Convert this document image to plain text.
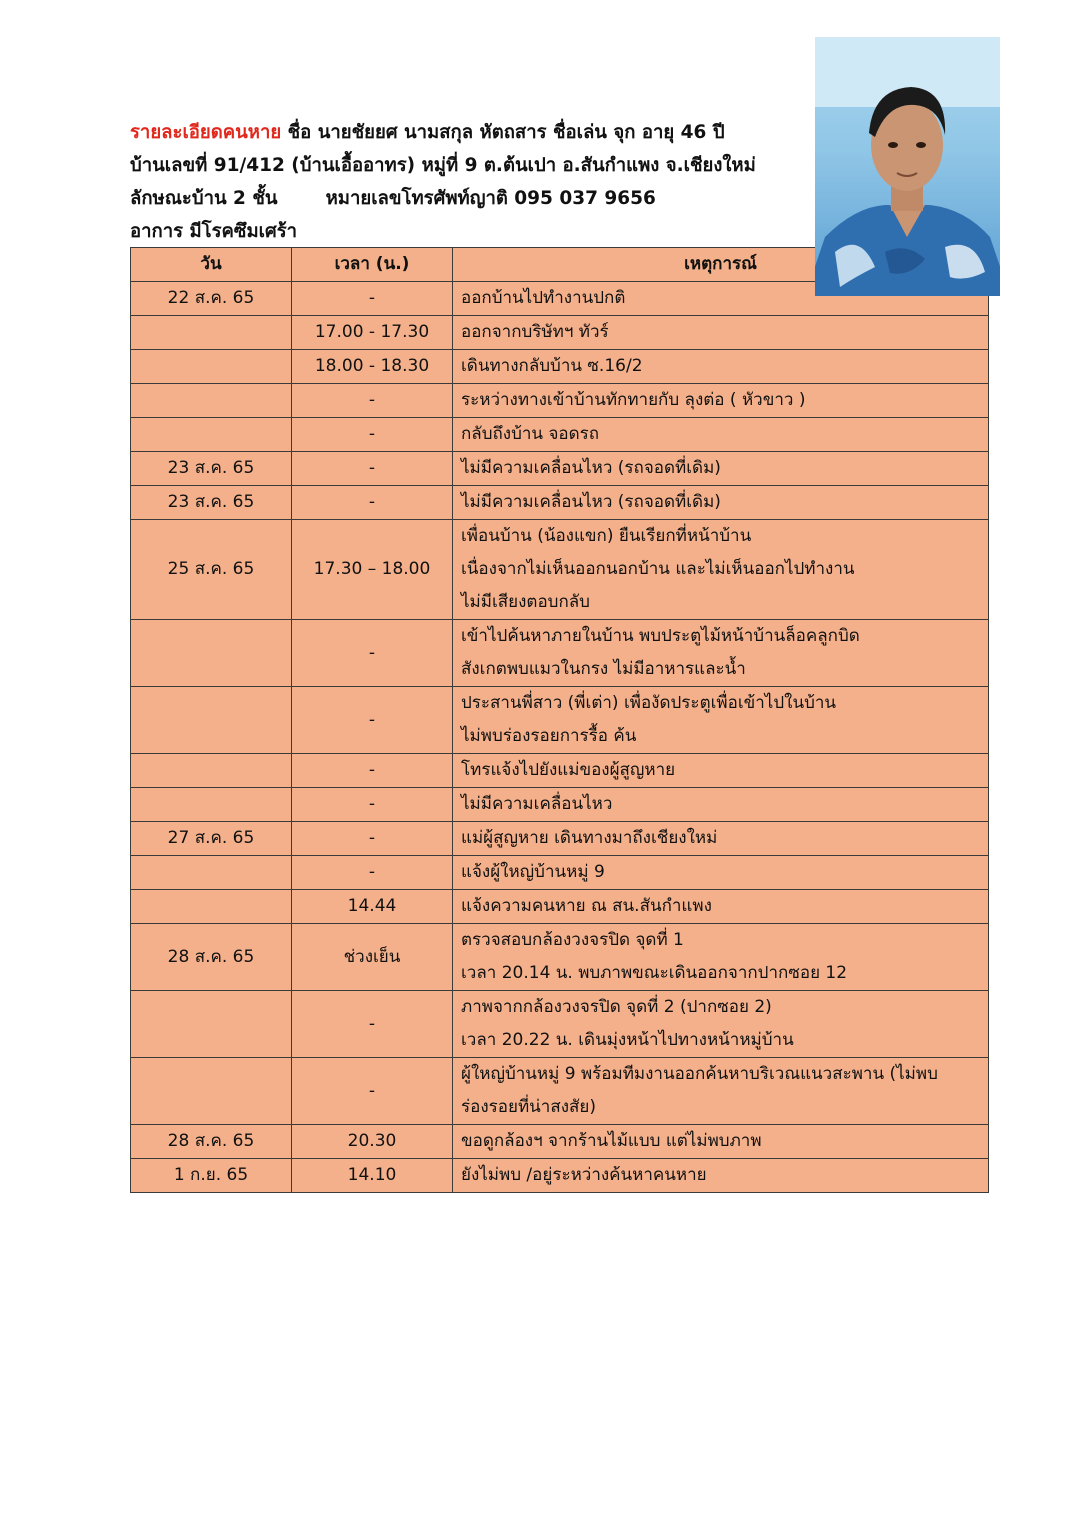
รายละเอียดคนหาย ชื่อ นายชัยยศ นามสกุล หัตถสาร ชื่อเล่น จุก อายุ 46 ปี
บ้านเลขที่ 91/412 (บ้านเอื้ออาทร) หมู่ที่ 9 ต.ต้นเปา อ.สันกำแพง จ.เชียงใหม่
ลักษณะบ้าน 2 ชั้น	หมายเลขโทรศัพท์ญาติ 095 037 9656
อาการ มีโรคซึมเศร้า
วัน	เวลา (น.)	เหตุการณ์
22 ส.ค. 65	-	ออกบ้านไปทำงานปกติ

	17.00 - 17.30	ออกจากบริษัทฯ ทัวร์

	18.00 - 18.30	เดินทางกลับบ้าน ซ.16/2

	-	ระหว่างทางเข้าบ้านทักทายกับ ลุงต่อ ( หัวขาว )

	-	กลับถึงบ้าน จอดรถ

23 ส.ค. 65	-	ไม่มีความเคลื่อนไหว (รถจอดที่เดิม)

23 ส.ค. 65	-	ไม่มีความเคลื่อนไหว (รถจอดที่เดิม)

25 ส.ค. 65	17.30 – 18.00	เพื่อนบ้าน (น้องแขก) ยืนเรียกที่หน้าบ้าน
เนื่องจากไม่เห็นออกนอกบ้าน และไม่เห็นออกไปทำงาน
ไม่มีเสียงตอบกลับ

	-	เข้าไปค้นหาภายในบ้าน พบประตูไม้หน้าบ้านล็อคลูกบิด
สังเกตพบแมวในกรง ไม่มีอาหารและน้ำ

	-	ประสานพี่สาว (พี่เต่า) เพื่องัดประตูเพื่อเข้าไปในบ้าน
ไม่พบร่องรอยการรื้อ ค้น

	-	โทรแจ้งไปยังแม่ของผู้สูญหาย

	-	ไม่มีความเคลื่อนไหว

27 ส.ค. 65	-	แม่ผู้สูญหาย เดินทางมาถึงเชียงใหม่

	-	แจ้งผู้ใหญ่บ้านหมู่ 9

	14.44	แจ้งความคนหาย ณ สน.สันกำแพง

28 ส.ค. 65	ช่วงเย็น	ตรวจสอบกล้องวงจรปิด จุดที่ 1
เวลา 20.14 น. พบภาพขณะเดินออกจากปากซอย 12

	-	ภาพจากกล้องวงจรปิด จุดที่ 2 (ปากซอย 2)
เวลา 20.22 น. เดินมุ่งหน้าไปทางหน้าหมู่บ้าน

	-	ผู้ใหญ่บ้านหมู่ 9 พร้อมทีมงานออกค้นหาบริเวณแนวสะพาน (ไม่พบ
ร่องรอยที่น่าสงสัย)

28 ส.ค. 65	20.30	ขอดูกล้องฯ จากร้านไม้แบบ แต่ไม่พบภาพ

1 ก.ย. 65	14.10	ยังไม่พบ /อยู่ระหว่างค้นหาคนหาย
